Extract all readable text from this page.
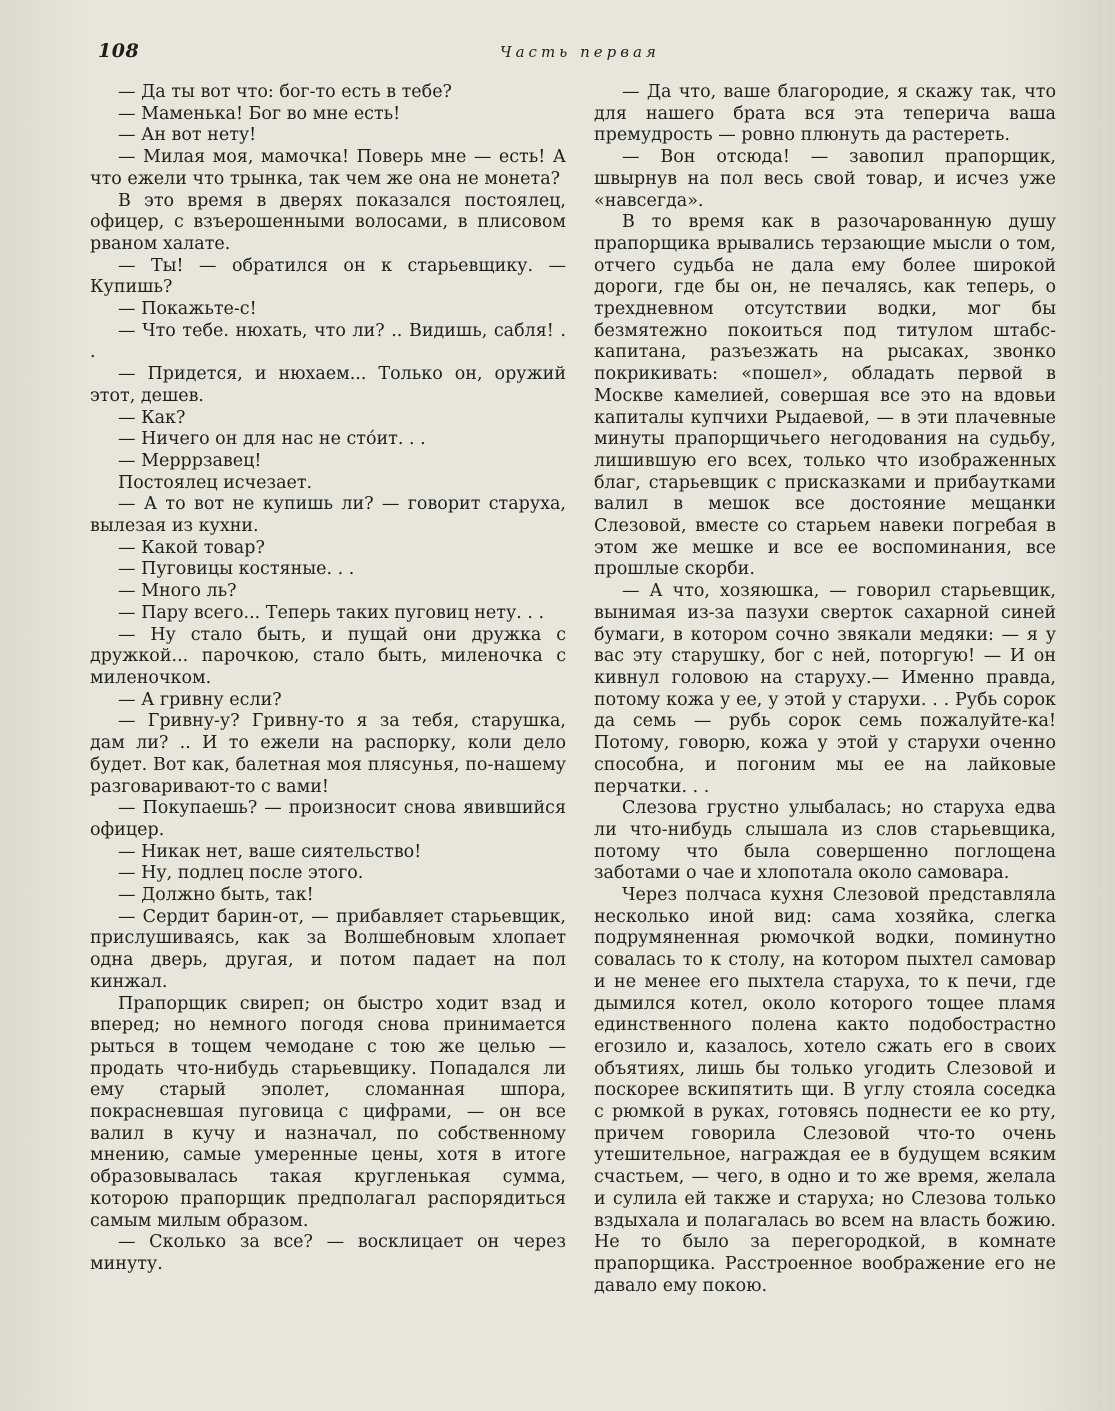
108	Часть первая

— Да ты вот что: бог-то есть в тебе?

— Маменька! Бог во мне есть!

— Ан вот нету!

— Милая моя, мамочка! Поверь мне — есть! А что ежели что трынка, так чем же она не монета?

В это время в дверях показался постоялец, офицер, с взъерошенными волосами, в плисовом рваном халате.

— Ты! — обратился он к старьевщику. — Купишь?

— Покажьте-с!

— Что тебе. нюхать, что ли? .. Видишь, сабля! . .

— Придется, и нюхаем... Только он, оружий этот, дешев.

— Как?

— Ничего он для нас не стóит. . .

— Мерррзавец!

Постоялец исчезает.

— А то вот не купишь ли? — говорит старуха, вылезая из кухни.

— Какой товар?

— Пуговицы костяные. . .

— Много ль?

— Пару всего... Теперь таких пуговиц нету. . .

— Ну стало быть, и пущай они дружка с дружкой... парочкою, стало быть, миленочка с миленочком.

— А гривну если?

— Гривну-у? Гривну-то я за тебя, старушка, дам ли? .. И то ежели на распорку, коли дело будет. Вот как, балетная моя плясунья, по-нашему разговаривают-то с вами!

— Покупаешь? — произносит снова явившийся офицер.

— Никак нет, ваше сиятельство!

— Ну, подлец после этого.

— Должно быть, так!

— Сердит барин-от, — прибавляет старьевщик, прислушиваясь, как за Волшебновым хлопает одна дверь, другая, и потом падает на пол кинжал.

Прапорщик свиреп; он быстро ходит взад и вперед; но немного погодя снова принимается рыться в тощем чемодане с тою же целью — продать что-нибудь старьевщику. Попадался ли ему старый эполет, сломанная шпора, покрасневшая пуговица с цифрами, — он все валил в кучу и назначал, по собственному мнению, самые умеренные цены, хотя в итоге образовывалась такая кругленькая сумма, которою прапорщик предполагал распорядиться самым милым образом.

— Сколько за все? — восклицает он через минуту.

— Да что, ваше благородие, я скажу так, что для нашего брата вся эта теперича ваша премудрость — ровно плюнуть да растереть.

— Вон отсюда! — завопил прапорщик, швырнув на пол весь свой товар, и исчез уже «навсегда».

В то время как в разочарованную душу прапорщика врывались терзающие мысли о том, отчего судьба не дала ему более широкой дороги, где бы он, не печалясь, как теперь, о трехдневном отсутствии водки, мог бы безмятежно покоиться под титулом штабс-капитана, разъезжать на рысаках, звонко покрикивать: «пошел», обладать первой в Москве камелией, совершая все это на вдовьи капиталы купчихи Рыдаевой, — в эти плачевные минуты прапорщичьего негодования на судьбу, лишившую его всех, только что изображенных благ, старьевщик с присказками и прибаутками валил в мешок все достояние мещанки Слезовой, вместе со старьем навеки погребая в этом же мешке и все ее воспоминания, все прошлые скорби.

— А что, хозяюшка, — говорил старьевщик, вынимая из-за пазухи сверток сахарной синей бумаги, в котором сочно звякали медяки: — я у вас эту старушку, бог с ней, поторгую! — И он кивнул головою на старуху.— Именно правда, потому кожа у ее, у этой у старухи. . . Рубь сорок да семь — рубь сорок семь пожалуйте-ка! Потому, говорю, кожа у этой у старухи оченно способна, и погоним мы ее на лайковые перчатки. . .

Слезова грустно улыбалась; но старуха едва ли что-нибудь слышала из слов старьевщика, потому что была совершенно поглощена заботами о чае и хлопотала около самовара.

Через полчаса кухня Слезовой представляла несколько иной вид: сама хозяйка, слегка подрумяненная рюмочкой водки, поминутно совалась то к столу, на котором пыхтел самовар и не менее его пыхтела старуха, то к печи, где дымился котел, около которого тощее пламя единственного полена както подобострастно егозило и, казалось, хотело сжать его в своих объятиях, лишь бы только угодить Слезовой и поскорее вскипятить щи. В углу стояла соседка с рюмкой в руках, готовясь поднести ее ко рту, причем говорила Слезовой что-то очень утешительное, награждая ее в будущем всяким счастьем, — чего, в одно и то же время, желала и сулила ей также и старуха; но Слезова только вздыхала и полагалась во всем на власть божию. Не то было за перегородкой, в комнате прапорщика. Расстроенное воображение его не давало ему покою.
